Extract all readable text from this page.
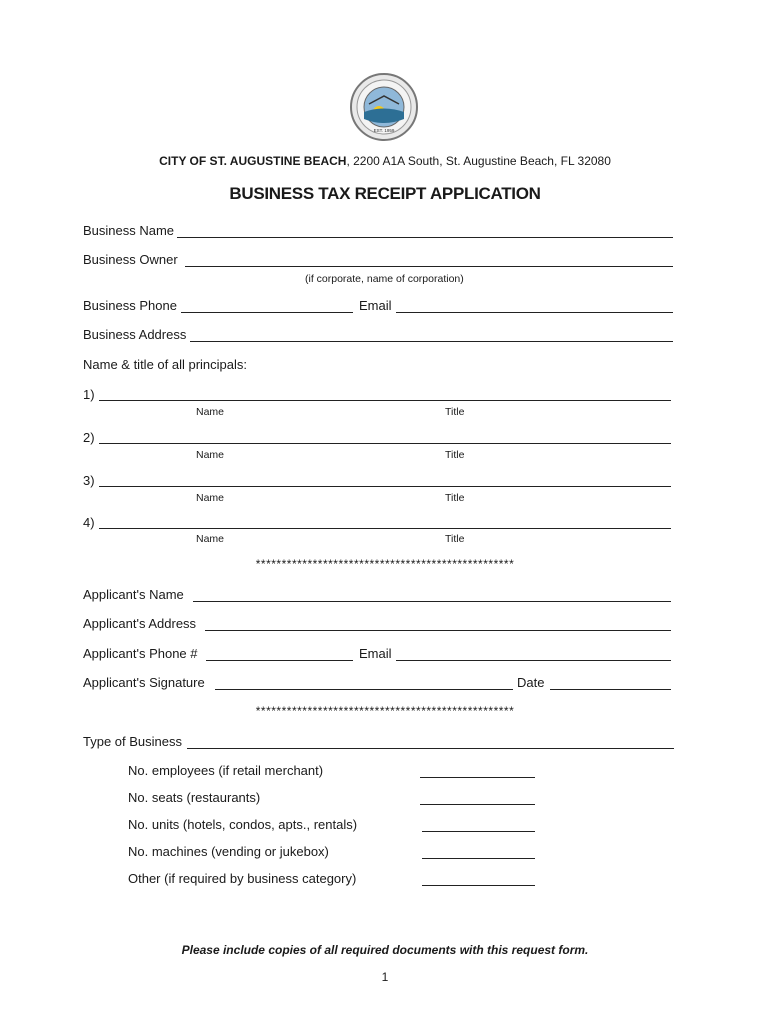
EST. 1959
CITY OF ST. AUGUSTINE BEACH, 2200 A1A South, St. Augustine Beach, FL 32080
BUSINESS TAX RECEIPT APPLICATION
Business Name
Business Owner
(if corporate, name of corporation)
Business Phone	Email
Business Address
Name & title of all principals:
1)
Name	Title
2)
Name	Title
3)
Name	Title
4)
Name	Title
**************************************************
Applicant's Name
Applicant's Address
Applicant's Phone #	Email
Applicant's Signature	Date
**************************************************
Type of Business
No. employees (if retail merchant)
No. seats (restaurants)
No. units (hotels, condos, apts., rentals)
No. machines (vending or jukebox)
Other (if required by business category)
Please include copies of all required documents with this request form.
1
